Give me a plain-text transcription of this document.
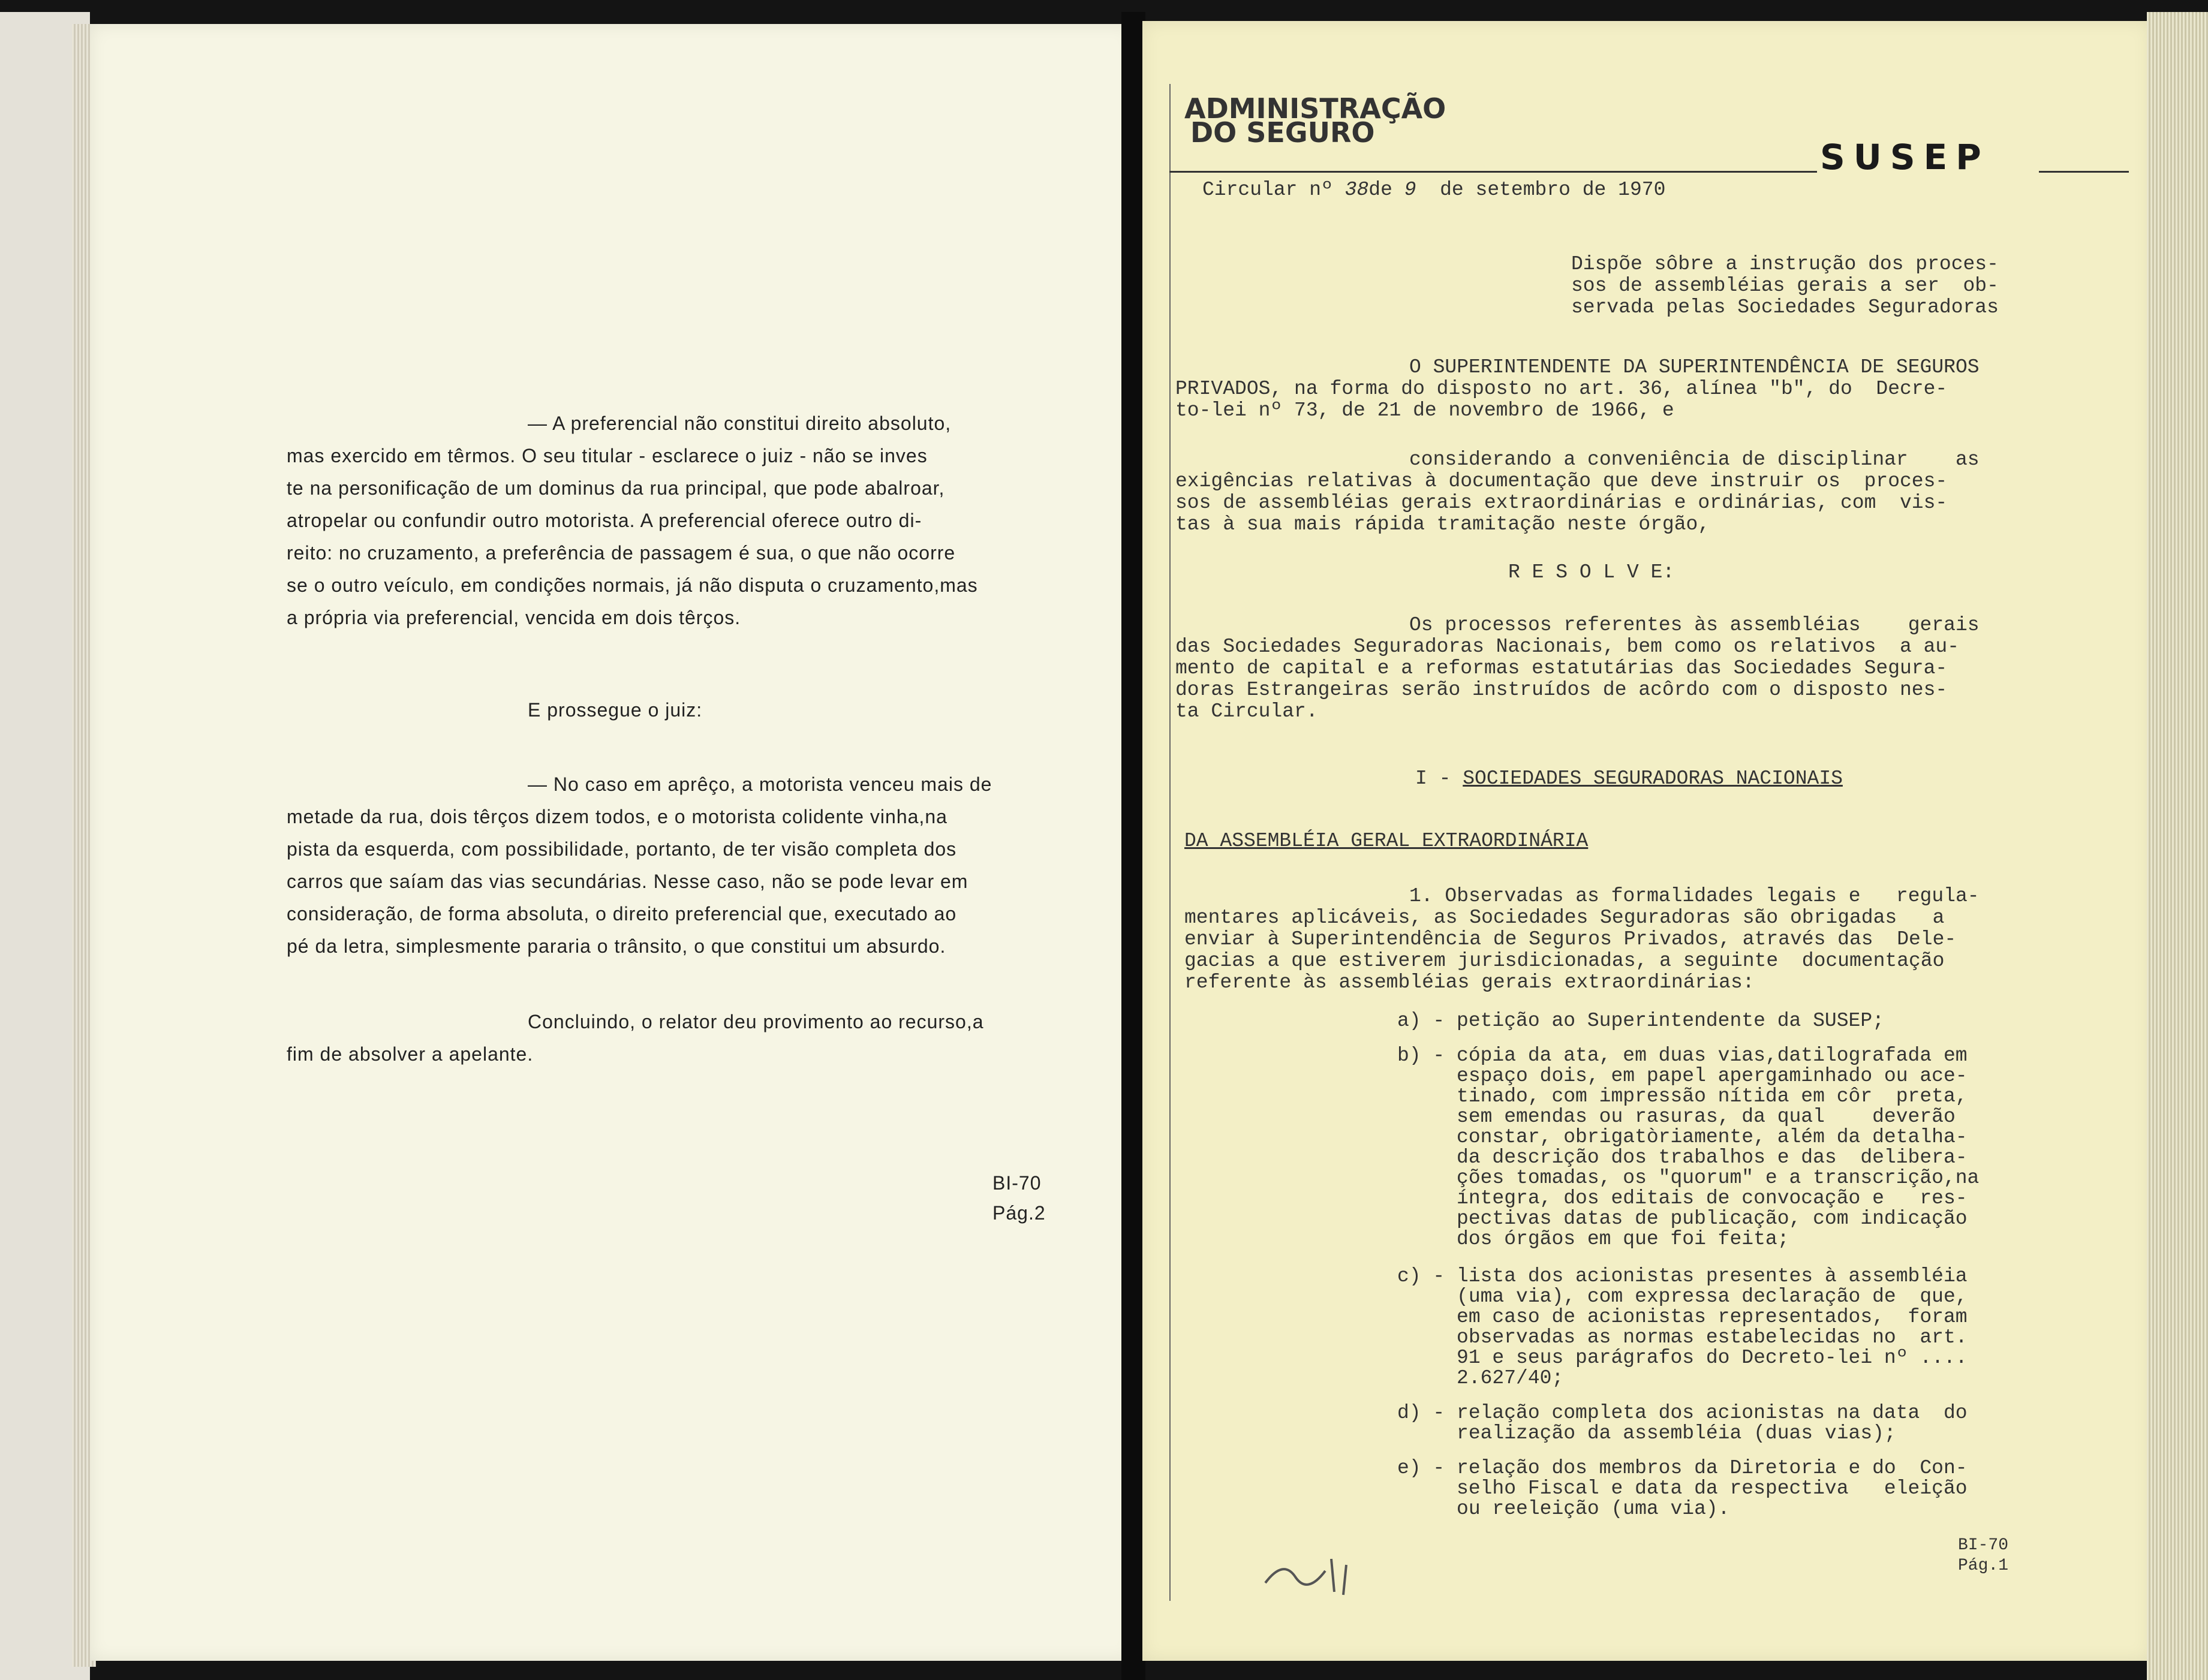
— A preferencial não constitui direito absoluto,
mas exercido em têrmos. O seu titular - esclarece o juiz - não se inves
te na personificação de um dominus da rua principal, que pode abalroar,
atropelar ou confundir outro motorista. A preferencial oferece outro di-
reito: no cruzamento, a preferência de passagem é sua, o que não ocorre
se o outro veículo, em condições normais, já não disputa o cruzamento,mas
a própria via preferencial, vencida em dois têrços.
E prossegue o juiz:
— No caso em aprêço, a motorista venceu mais de
metade da rua, dois têrços dizem todos, e o motorista colidente vinha,na
pista da esquerda, com possibilidade, portanto, de ter visão completa dos
carros que saíam das vias secundárias. Nesse caso, não se pode levar em
consideração, de forma absoluta, o direito preferencial que, executado ao
pé da letra, simplesmente pararia o trânsito, o que constitui um absurdo.
Concluindo, o relator deu provimento ao recurso,a
fim de absolver a apelante.
BI-70
Pág.2
ADMINISTRAÇÃO
DO SEGURO
SUSEP
Circular nº 38de 9 de setembro de 1970
Dispõe sôbre a instrução dos proces-
sos de assembléias gerais a ser  ob-
servada pelas Sociedades Seguradoras
O SUPERINTENDENTE DA SUPERINTENDÊNCIA DE SEGUROS
PRIVADOS, na forma do disposto no art. 36, alínea "b", do  Decre-
to-lei nº 73, de 21 de novembro de 1966, e
considerando a conveniência de disciplinar    as
exigências relativas à documentação que deve instruir os  proces-
sos de assembléias gerais extraordinárias e ordinárias, com  vis-
tas à sua mais rápida tramitação neste órgão,
R E S O L V E:
Os processos referentes às assembléias    gerais
das Sociedades Seguradoras Nacionais, bem como os relativos  a au-
mento de capital e a reformas estatutárias das Sociedades Segura-
doras Estrangeiras serão instruídos de acôrdo com o disposto nes-
ta Circular.
I - SOCIEDADES SEGURADORAS NACIONAIS
DA ASSEMBLÉIA GERAL EXTRAORDINÁRIA
1. Observadas as formalidades legais e   regula-
mentares aplicáveis, as Sociedades Seguradoras são obrigadas   a
enviar à Superintendência de Seguros Privados, através das  Dele-
gacias a que estiverem jurisdicionadas, a seguinte  documentação
referente às assembléias gerais extraordinárias:
a) - petição ao Superintendente da SUSEP;
b) - cópia da ata, em duas vias,datilografada em
espaço dois, em papel apergaminhado ou ace-
tinado, com impressão nítida em côr  preta,
sem emendas ou rasuras, da qual    deverão
constar, obrigatòriamente, além da detalha-
da descrição dos trabalhos e das  delibera-
ções tomadas, os "quorum" e a transcrição,na
íntegra, dos editais de convocação e   res-
pectivas datas de publicação, com indicação
dos órgãos em que foi feita;
c) - lista dos acionistas presentes à assembléia
(uma via), com expressa declaração de  que,
em caso de acionistas representados,  foram
observadas as normas estabelecidas no  art.
91 e seus parágrafos do Decreto-lei nº ....
2.627/40;
d) - relação completa dos acionistas na data  do
realização da assembléia (duas vias);
e) - relação dos membros da Diretoria e do  Con-
selho Fiscal e data da respectiva   eleição
ou reeleição (uma via).
BI-70
Pág.1
